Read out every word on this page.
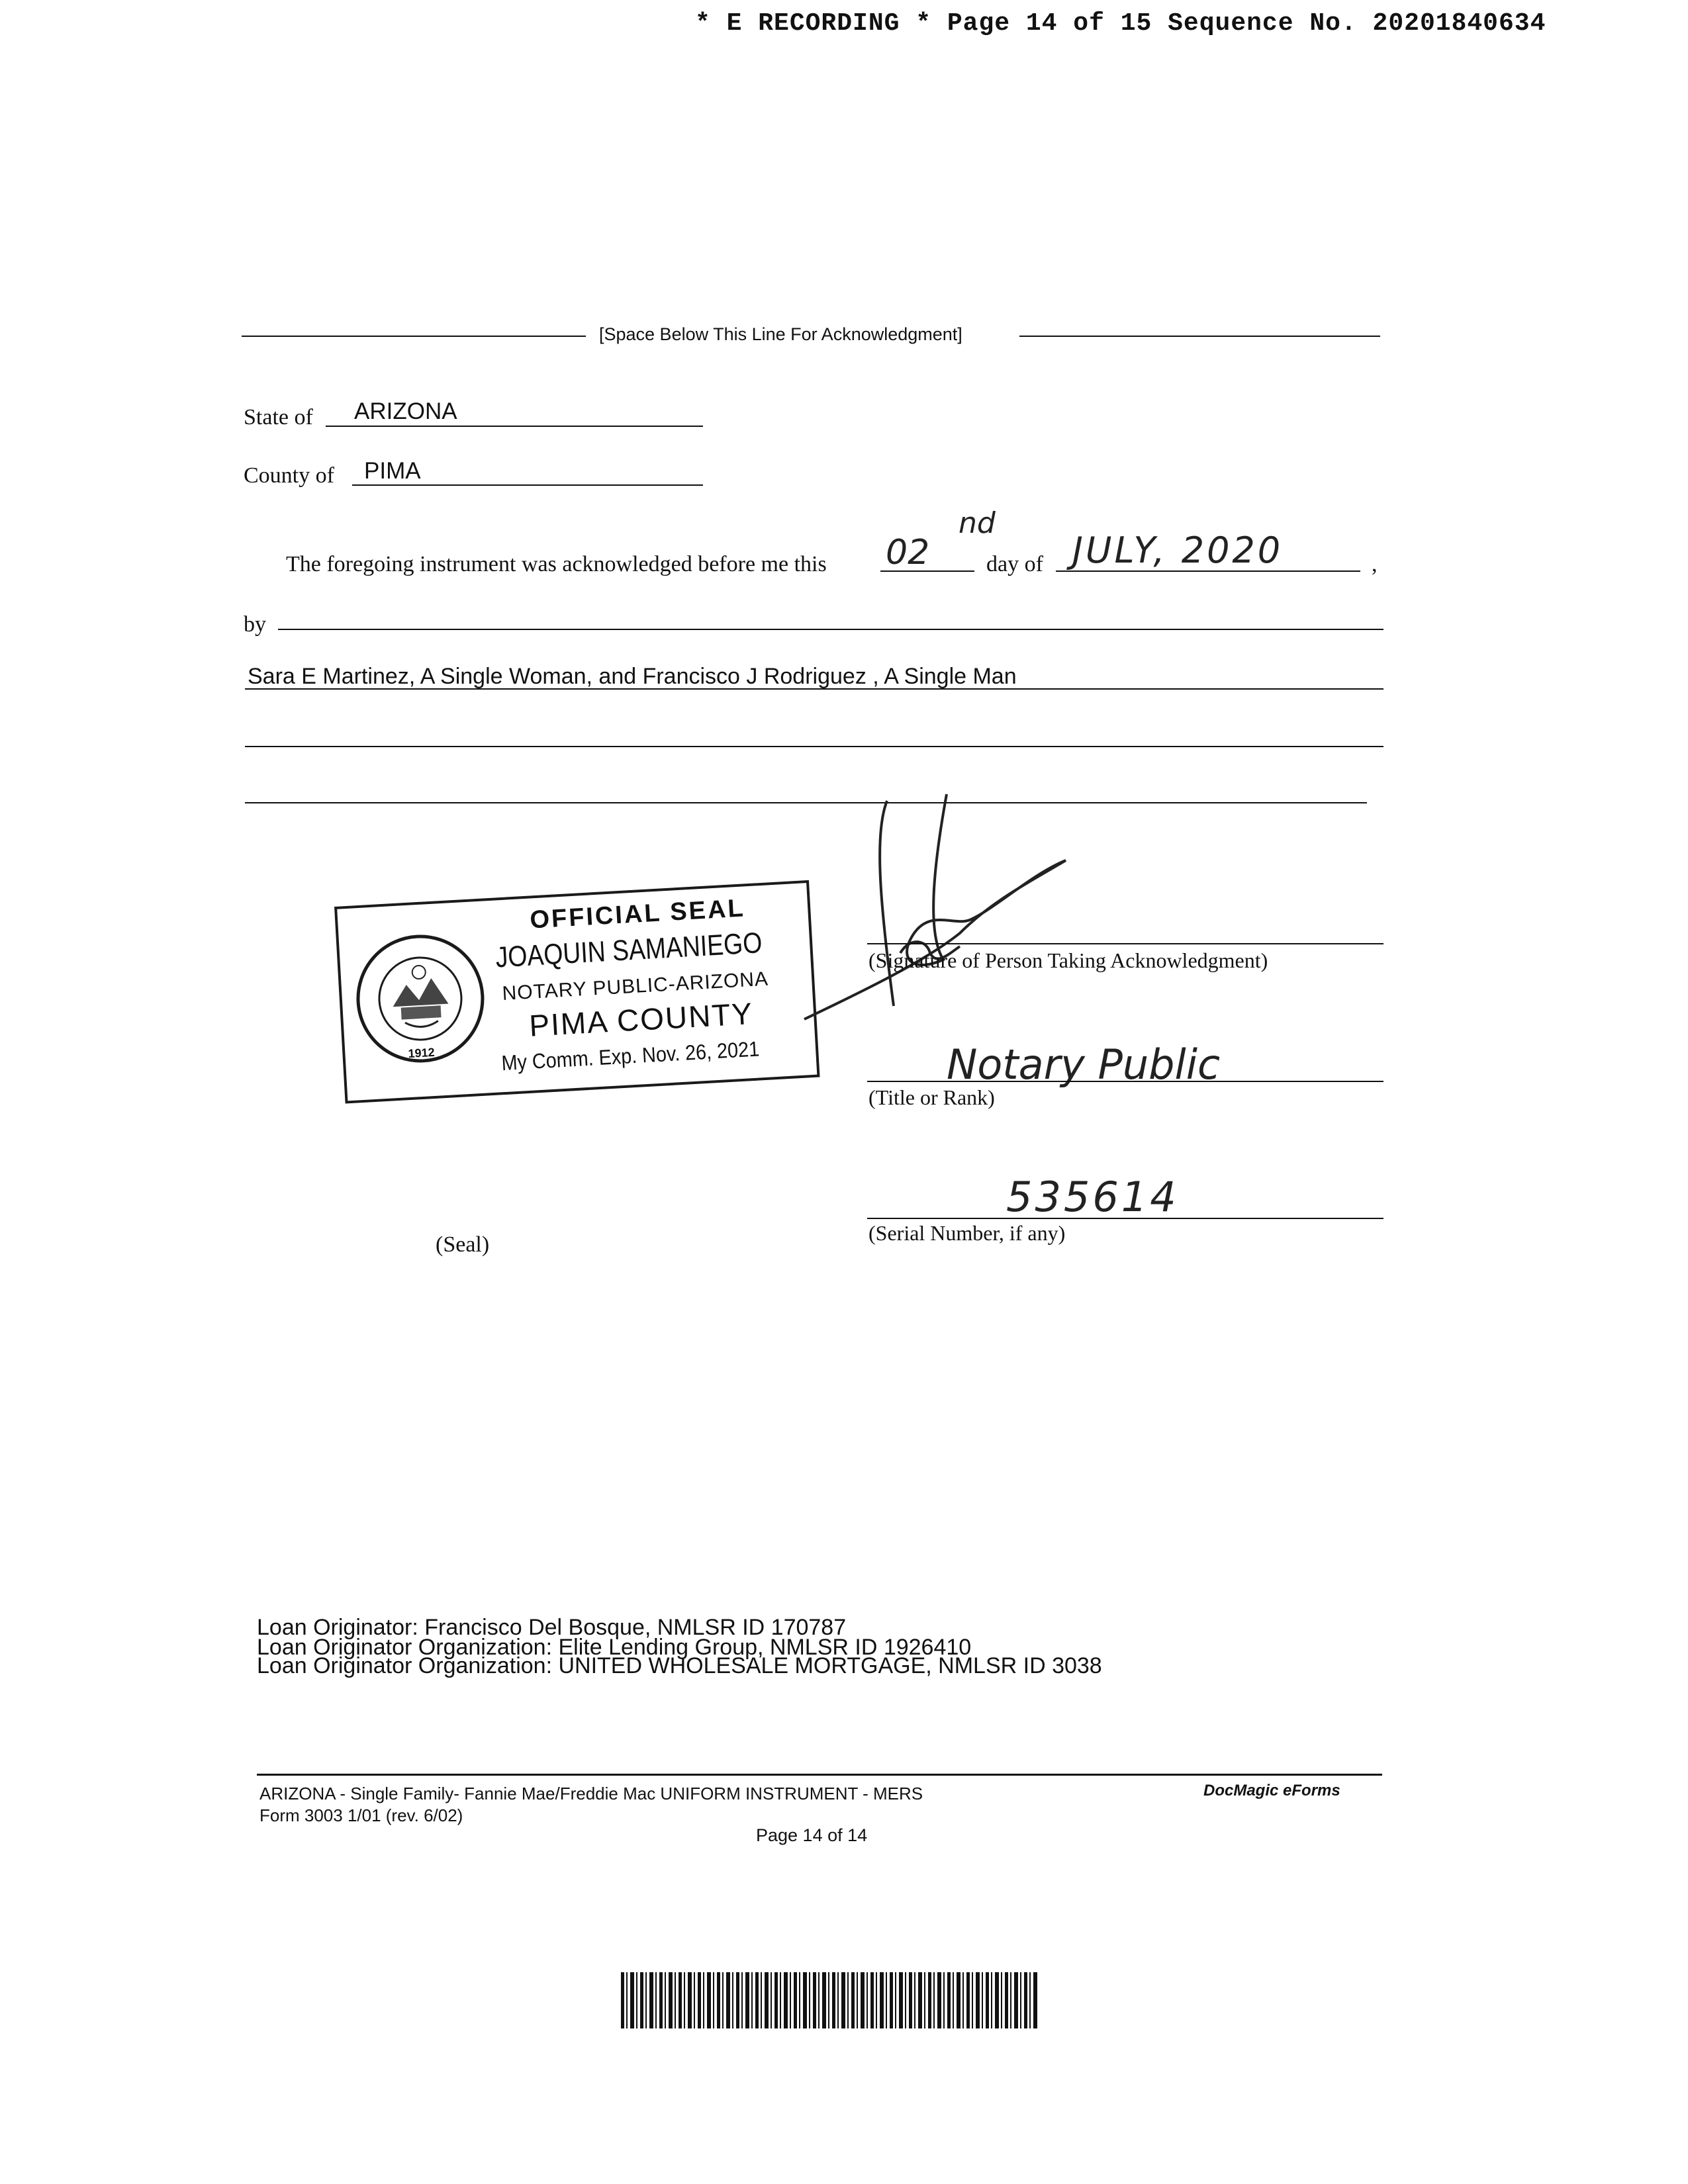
* E RECORDING * Page 14 of 15 Sequence No. 20201840634
[Space Below This Line For Acknowledgment]
State of ARIZONA
County of PIMA
The foregoing instrument was acknowledged before me this 02
nd
day of JULY, 2020	,
by
Sara E Martinez, A Single Woman, and Francisco J Rodriguez , A Single Man
1912
OFFICIAL SEAL
JOAQUIN SAMANIEGO
NOTARY PUBLIC-ARIZONA
PIMA COUNTY
My Comm. Exp. Nov. 26, 2021
(Seal)
(Signature of Person Taking Acknowledgment)
Notary Public
(Title or Rank)
535614
(Serial Number, if any)
Loan Originator: Francisco Del Bosque, NMLSR ID 170787
Loan Originator Organization: Elite Lending Group, NMLSR ID 1926410
Loan Originator Organization: UNITED WHOLESALE MORTGAGE, NMLSR ID 3038
ARIZONA - Single Family- Fannie Mae/Freddie Mac UNIFORM INSTRUMENT - MERS
Form 3003 1/01 (rev. 6/02)
Page 14 of 14
DocMagic eForms
